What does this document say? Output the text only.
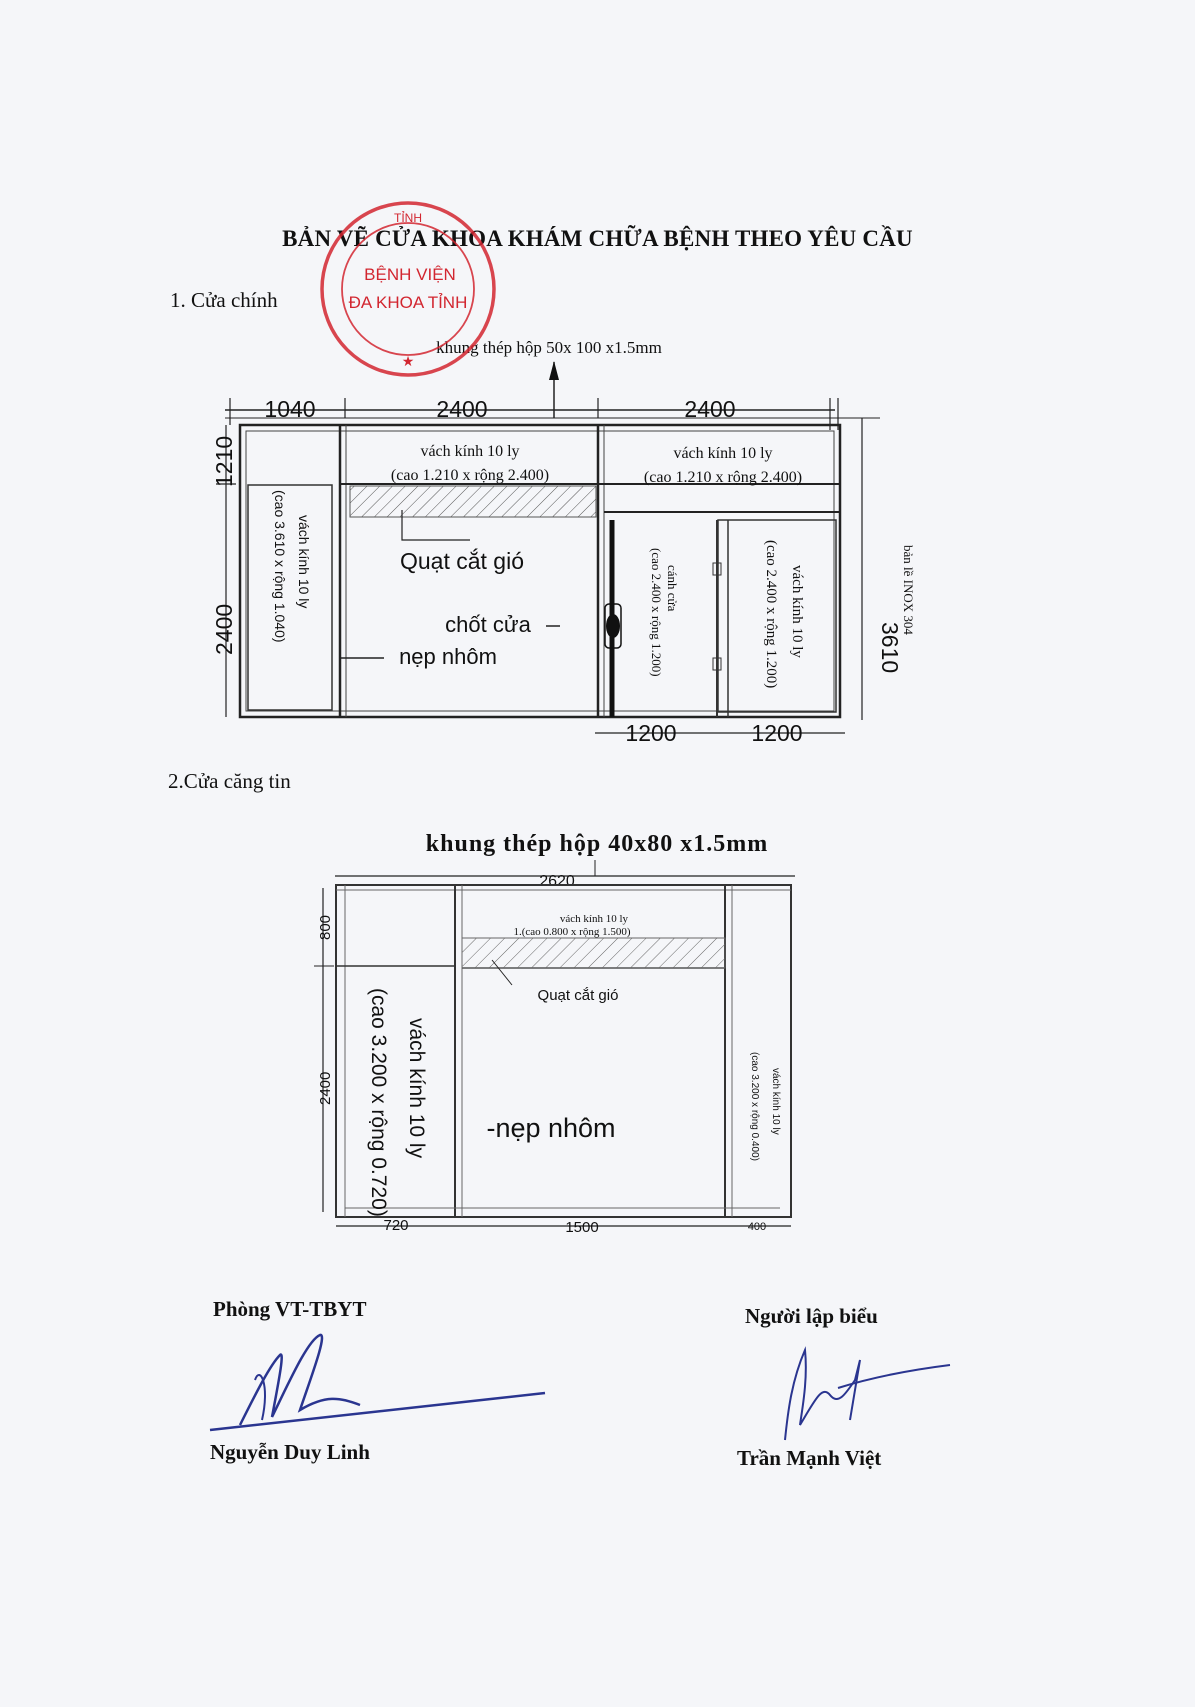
BẢN VẼ CỬA KHOA KHÁM CHỮA BỆNH THEO YÊU CẦU
1. Cửa chính
2.Cửa căng tin
1040	2400	2400
khung thép hộp 50x 100 x1.5mm
1210
2400	3610
bản lề INOX 304
1200	1200
vách kính 10 ly
(cao 1.210 x rộng 2.400)
vách kính 10 ly
(cao 1.210 x rộng 2.400)
vách kính 10 ly
(cao 3.610 x rộng 1.040)	cánh cửa
(cao 2.400 x rộng 1.200)	vách kính 10 ly
(cao 2.400 x rộng 1.200)
Quạt cắt gió
chốt cửa
nẹp nhôm
khung thép hộp 40x80 x1.5mm
2620
800
2400
720	1500	400
vách kính 10 ly
1.(cao 0.800 x rộng 1.500)
Quạt cắt gió
vách kính 10 ly
(cao 3.200 x rộng 0.720)	-nẹp nhôm	vách kính 10 ly
(cao 3.200 x rộng 0.400)
TỈNH
BỆNH VIỆN
ĐA KHOA TỈNH
★
Phòng VT-TBYT
Nguyễn Duy Linh
Người lập biểu
Trần Mạnh Việt
